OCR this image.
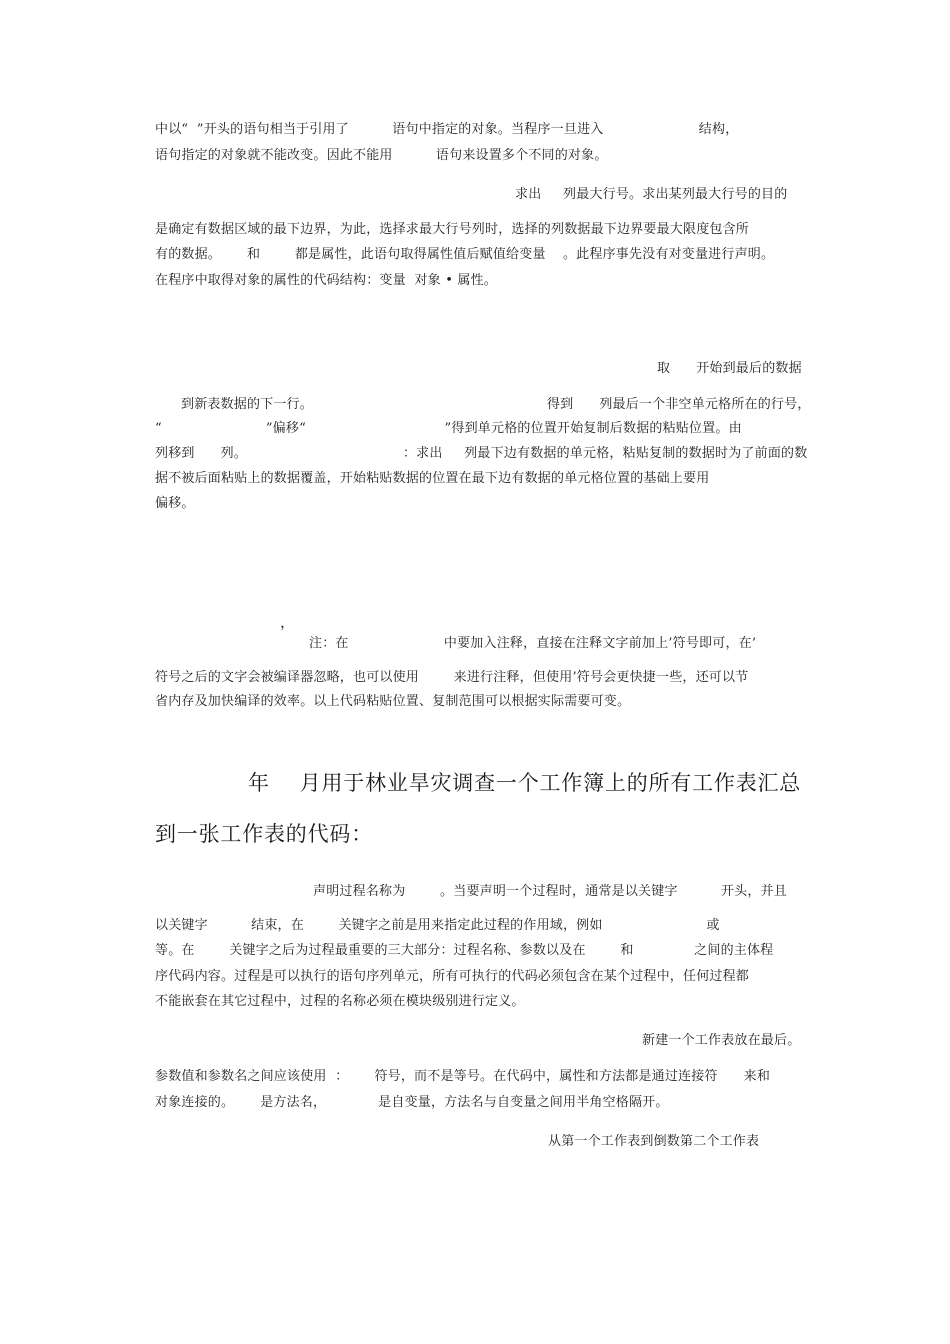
中以“  ”开头的语句相当于引用了          语句中指定的对象。当程序一旦进入                      结构，
语句指定的对象就不能改变。因此不能用          语句来设置多个不同的对象。
求出     列最大行号。求出某列最大行号的目的
是确定有数据区域的最下边界，为此，选择求最大行号列时，选择的列数据最下边界要最大限度包含所
有的数据。      和        都是属性，此语句取得属性值后赋值给变量    。此程序事先没有对变量进行声明。
在程序中取得对象的属性的代码结构：变量  对象 • 属性。
取      开始到最后的数据
到新表数据的下一行。                                                      得到      列最后一个非空单元格所在的行号，
“                        ”偏移“                                ”得到单元格的位置开始复制后数据的粘贴位置。由
列移到      列。                                    ：求出     列最下边有数据的单元格，粘贴复制的数据时为了前面的数
据不被后面粘贴上的数据覆盖，开始粘贴数据的位置在最下边有数据的单元格位置的基础上要用
偏移。
，
注：在                      中要加入注释，直接在注释文字前加上’符号即可，在’
符号之后的文字会被编译器忽略，也可以使用        来进行注释，但使用’符号会更快捷一些，还可以节
省内存及加快编译的效率。以上代码粘贴位置、复制范围可以根据实际需要可变。
年    月用于林业旱灾调查一个工作簿上的所有工作表汇总
到一张工作表的代码：
声明过程名称为        。当要声明一个过程时，通常是以关键字          开头，并且
以关键字          结束，在        关键字之前是用来指定此过程的作用域，例如                        或
等。在        关键字之后为过程最重要的三大部分：过程名称、参数以及在        和              之间的主体程
序代码内容。过程是可以执行的语句序列单元，所有可执行的代码必须包含在某个过程中，任何过程都
不能嵌套在其它过程中，过程的名称必须在模块级别进行定义。
新建一个工作表放在最后。
参数值和参数名之间应该使用  ：      符号，而不是等号。在代码中，属性和方法都是通过连接符      来和
对象连接的。      是方法名，            是自变量，方法名与自变量之间用半角空格隔开。
从第一个工作表到倒数第二个工作表
